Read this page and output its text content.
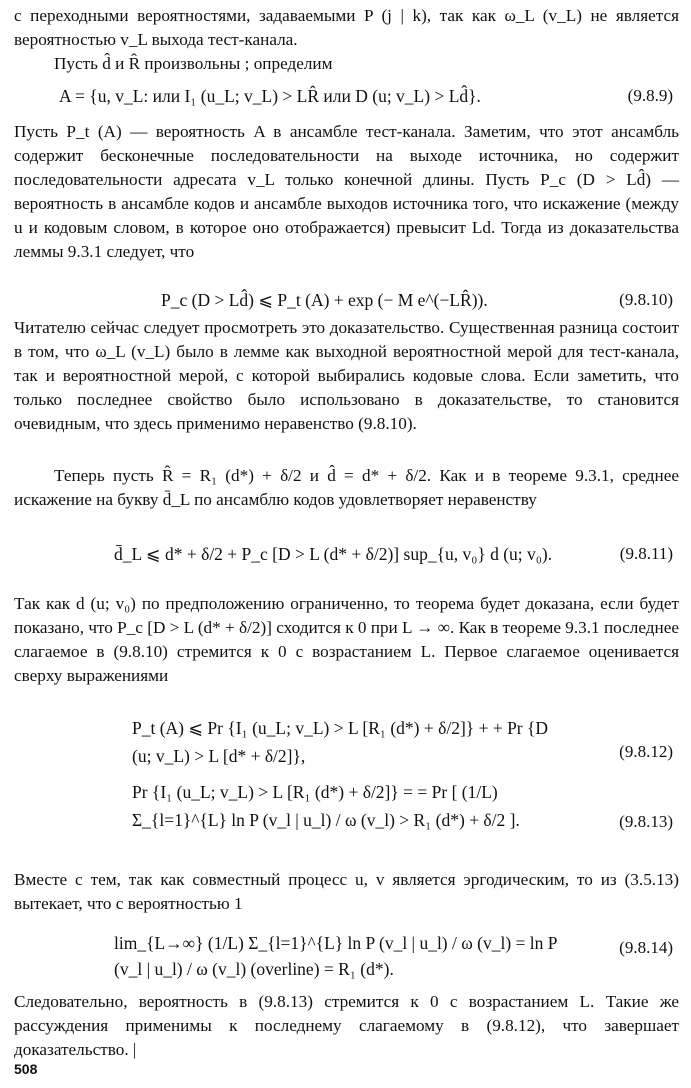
с переходными вероятностями, задаваемыми P (j | k), так как ω_L (v_L) не является вероятностью v_L выхода тест-канала.

Пусть d̂ и R̂ произвольны ; определим

A = {u, v_L: или I₁ (u_L; v_L) > LR̂ или D (u; v_L) > Ld̂}.	(9.8.9)

Пусть P_t (A) — вероятность A в ансамбле тест-канала. Заметим, что этот ансамбль содержит бесконечные последовательности на выходе источника, но содержит последовательности адресата v_L только конечной длины. Пусть P_c (D > Ld̂) — вероятность в ансамбле кодов и ансамбле выходов источника того, что искажение (между u и кодовым словом, в которое оно отображается) превысит Ld. Тогда из доказательства леммы 9.3.1 следует, что

P_c (D > Ld̂) ⩽ P_t (A) + exp (− M e^(−LR̂)).	(9.8.10)

Читателю сейчас следует просмотреть это доказательство. Существенная разница состоит в том, что ω_L (v_L) было в лемме как выходной вероятностной мерой для тест-канала, так и вероятностной мерой, с которой выбирались кодовые слова. Если заметить, что только последнее свойство было использовано в доказательстве, то становится очевидным, что здесь применимо неравенство (9.8.10).

Теперь пусть R̂ = R₁ (d*) + δ/2 и d̂ = d* + δ/2. Как и в теореме 9.3.1, среднее искажение на букву d̄_L по ансамблю кодов удовлетворяет неравенству

d̄_L ⩽ d* + δ/2 + P_c [D > L (d* + δ/2)] sup_{u, v₀} d (u; v₀).	(9.8.11)

Так как d (u; v₀) по предположению ограниченно, то теорема будет доказана, если будет показано, что P_c [D > L (d* + δ/2)] сходится к 0 при L → ∞. Как в теореме 9.3.1 последнее слагаемое в (9.8.10) стремится к 0 с возрастанием L. Первое слагаемое оценивается сверху выражениями

P_t (A) ⩽ Pr {I₁ (u_L; v_L) > L [R₁ (d*) + δ/2]} + + Pr {D (u; v_L) > L [d* + δ/2]},	(9.8.12)
Pr {I₁ (u_L; v_L) > L [R₁ (d*) + δ/2]} = = Pr [ (1/L) Σ_{l=1}^{L} ln P (v_l | u_l) / ω (v_l) > R₁ (d*) + δ/2 ].	(9.8.13)

Вместе с тем, так как совместный процесс u, v является эргодическим, то из (3.5.13) вытекает, что с вероятностью 1

lim_{L→∞} (1/L) Σ_{l=1}^{L} ln P (v_l | u_l) / ω (v_l) = ln P (v_l | u_l) / ω (v_l) (overline) = R₁ (d*).
(9.8.14)

Следовательно, вероятность в (9.8.13) стремится к 0 с возрастанием L. Такие же рассуждения применимы к последнему слагаемому в (9.8.12), что завершает доказательство. |

508
